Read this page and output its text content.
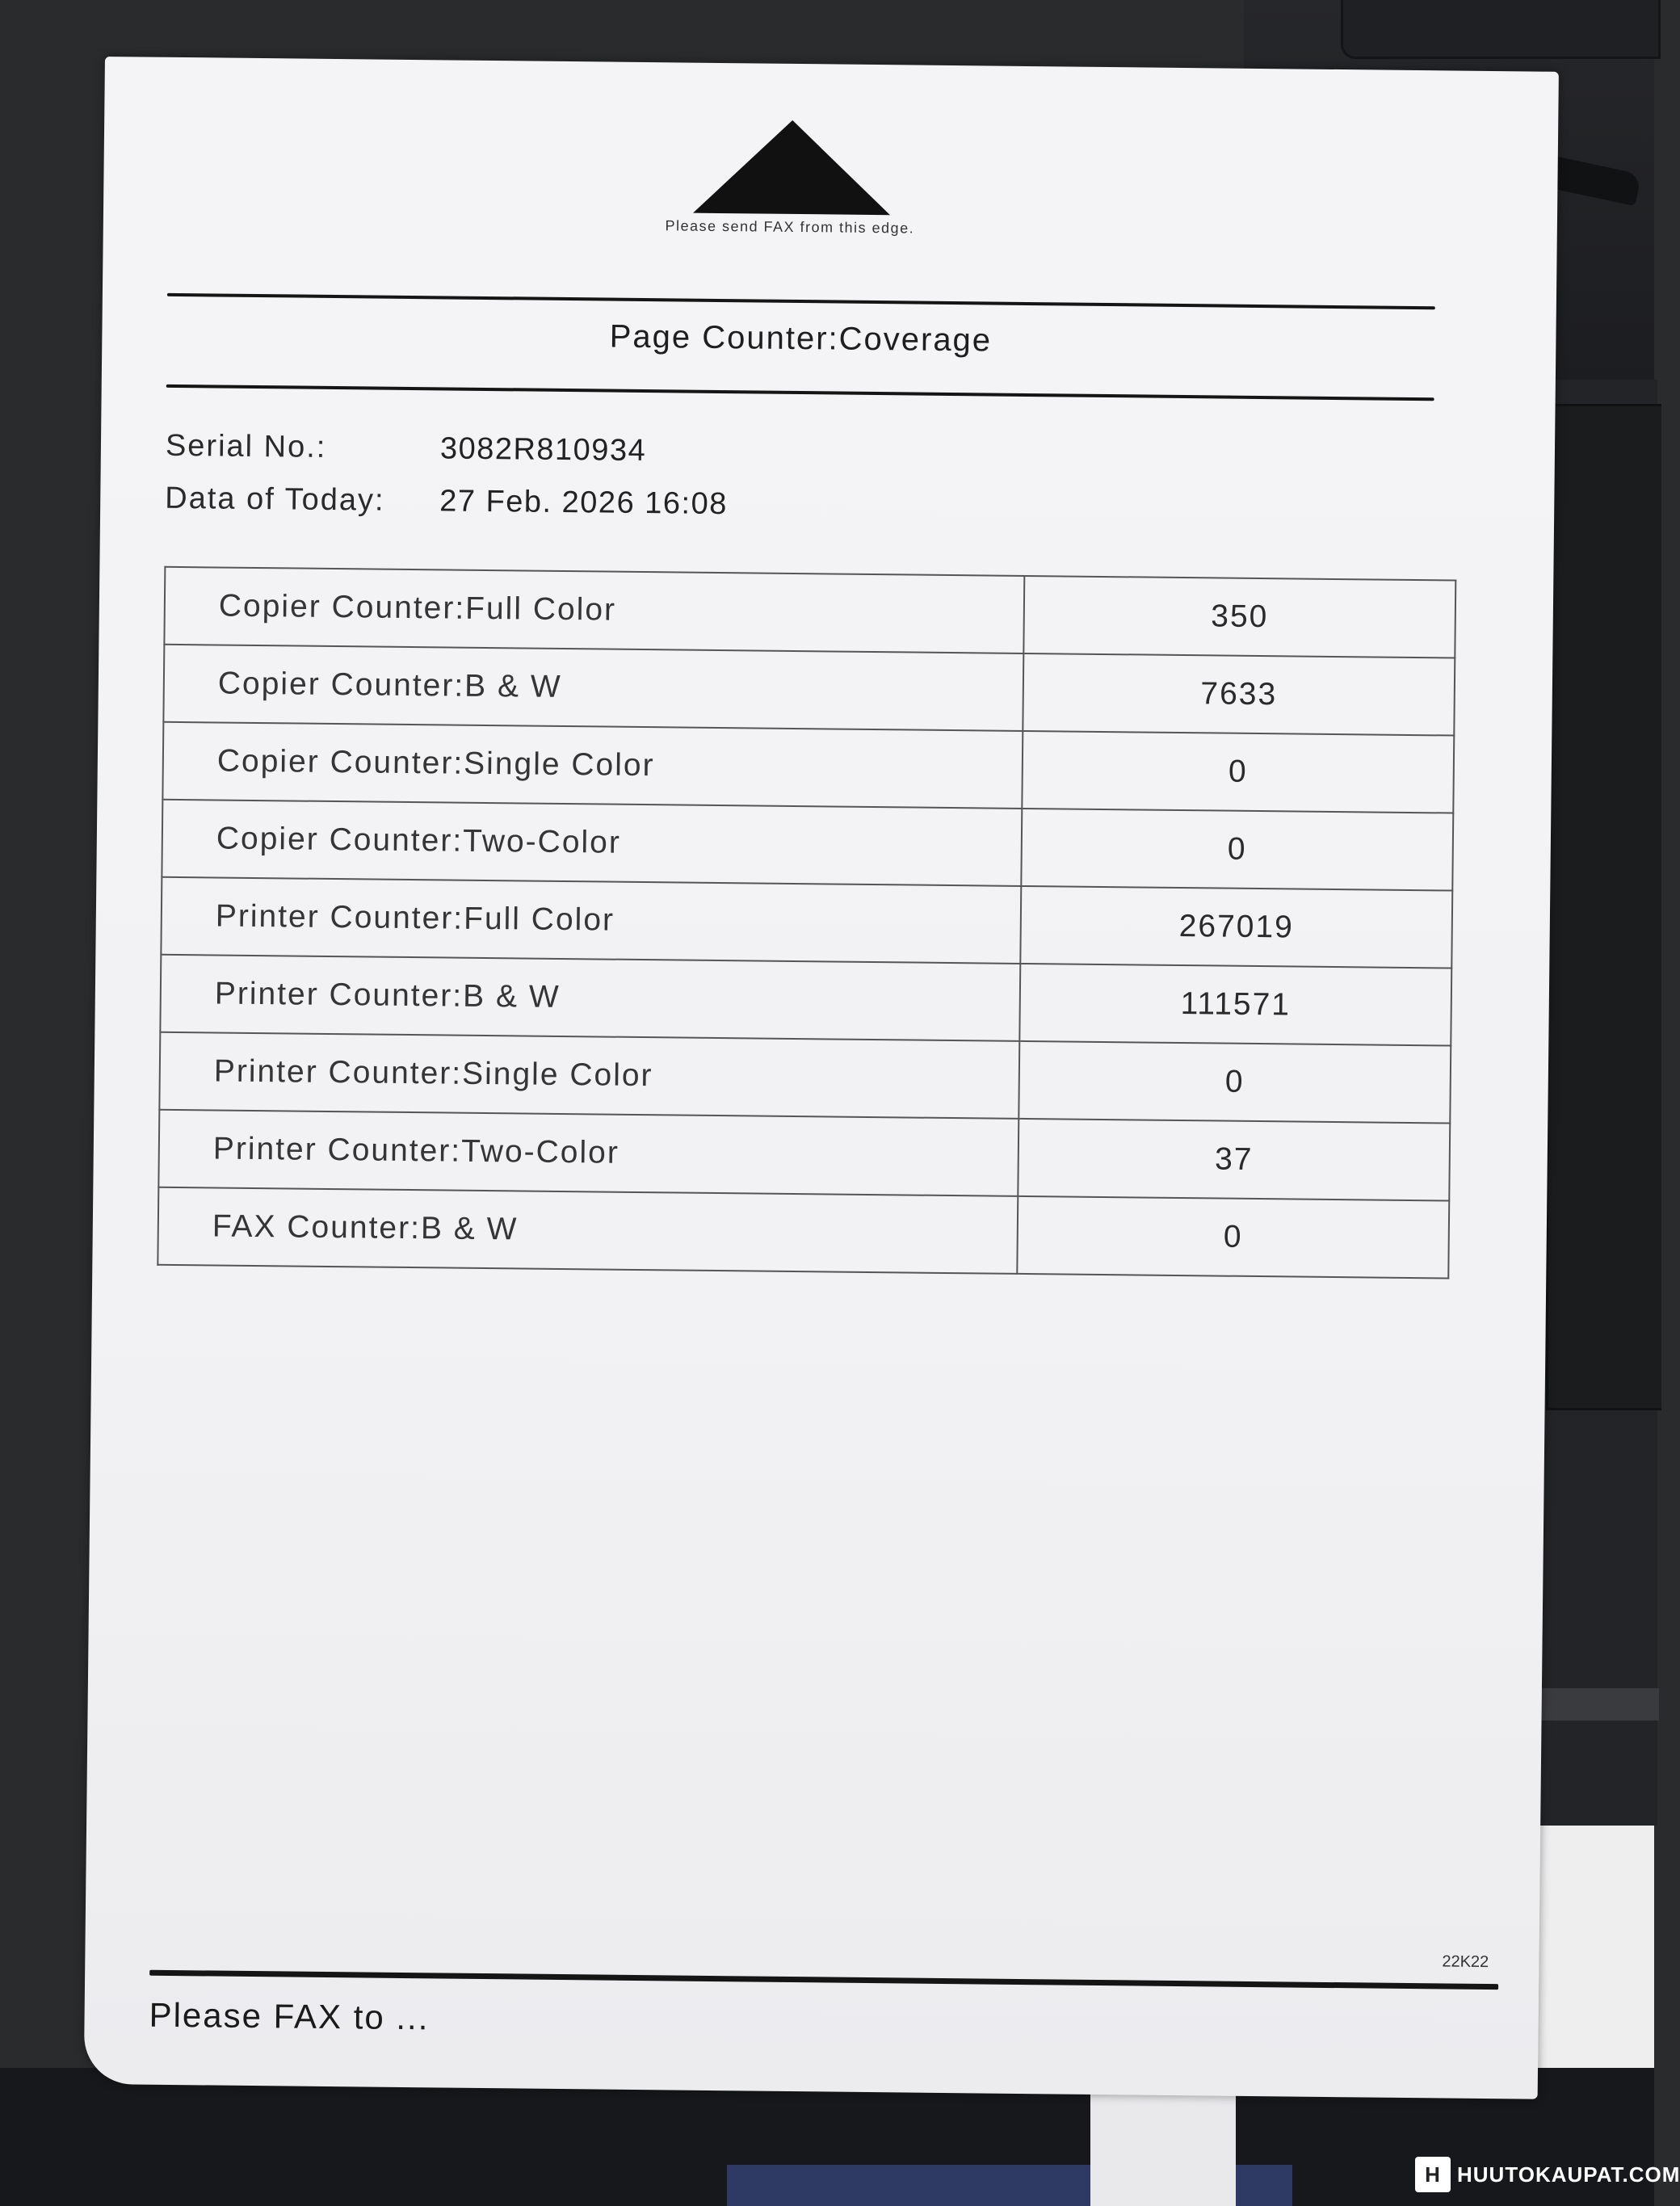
Please send FAX from this edge.
Page Counter:Coverage
Serial No.:	3082R810934
Data of Today: 27 Feb. 2026 16:08
Copier Counter:Full Color	350
Copier Counter:B & W	7633
Copier Counter:Single Color	0
Copier Counter:Two-Color	0
Printer Counter:Full Color	267019
Printer Counter:B & W	111571
Printer Counter:Single Color	0
Printer Counter:Two-Color	37
FAX Counter:B & W	0
22K22
Please FAX to ...
H HUUTOKAUPAT.COM
